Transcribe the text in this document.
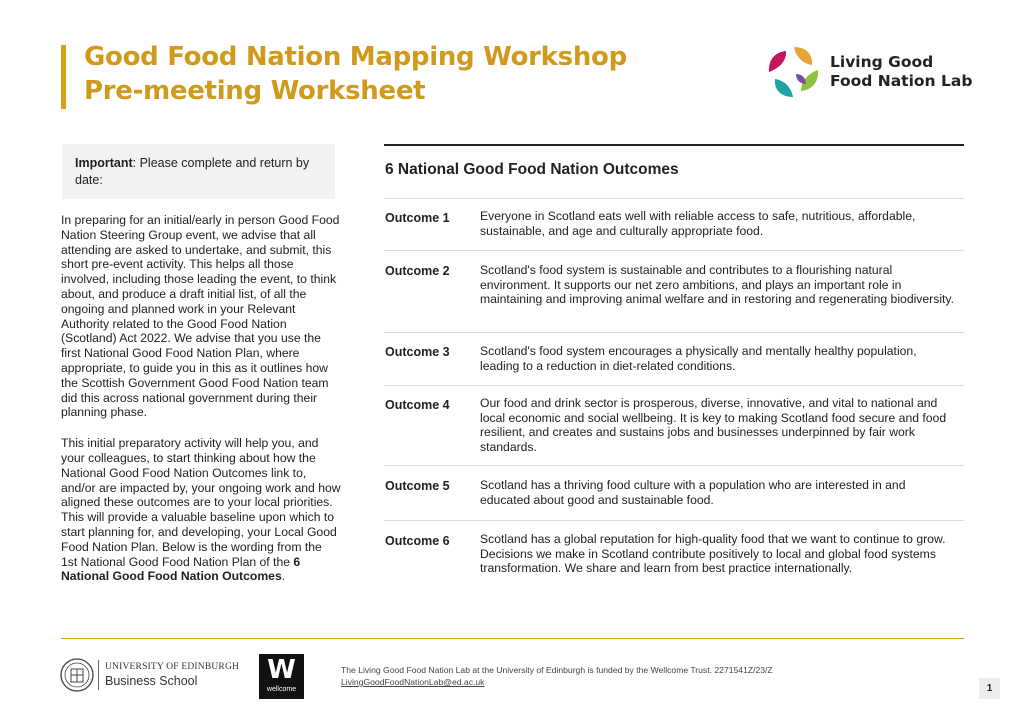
Good Food Nation Mapping Workshop
Pre-meeting Worksheet
Living Good
Food Nation Lab
Important: Please complete and return by date:

In preparing for an initial/early in person Good Food Nation Steering Group event, we advise that all attending are asked to undertake, and submit, this short pre-event activity. This helps all those involved, including those leading the event, to think about, and produce a draft initial list, of all the ongoing and planned work in your Relevant Authority related to the Good Food Nation (Scotland) Act 2022. We advise that you use the first National Good Food Nation Plan, where appropriate, to guide you in this as it outlines how the Scottish Government Good Food Nation team did this across national government during their planning phase.

This initial preparatory activity will help you, and your colleagues, to start thinking about how the National Good Food Nation Outcomes link to, and/or are impacted by, your ongoing work and how aligned these outcomes are to your local priorities. This will provide a valuable baseline upon which to start planning for, and developing, your Local Good Food Nation Plan. Below is the wording from the 1st National Good Food Nation Plan of the 6 National Good Food Nation Outcomes.

6 National Good Food Nation Outcomes
Outcome 1 Everyone in Scotland eats well with reliable access to safe, nutritious, affordable, sustainable, and age and culturally appropriate food.
Outcome 2 Scotland's food system is sustainable and contributes to a flourishing natural environment. It supports our net zero ambitions, and plays an important role in maintaining and improving animal welfare and in restoring and regenerating biodiversity.
Outcome 3 Scotland's food system encourages a physically and mentally healthy population, leading to a reduction in diet-related conditions.
Outcome 4 Our food and drink sector is prosperous, diverse, innovative, and vital to national and local economic and social wellbeing. It is key to making Scotland food secure and food resilient, and creates and sustains jobs and businesses underpinned by fair work standards.
Outcome 5 Scotland has a thriving food culture with a population who are interested in and educated about good and sustainable food.
Outcome 6 Scotland has a global reputation for high-quality food that we want to continue to grow. Decisions we make in Scotland contribute positively to local and global food systems transformation. We share and learn from best practice internationally.
UNIVERSITY OF EDINBURGH
Business School	W
wellcome
The Living Good Food Nation Lab at the University of Edinburgh is funded by the Wellcome Trust. 2271541Z/23/Z
LivingGoodFoodNationLab@ed.ac.uk
1
